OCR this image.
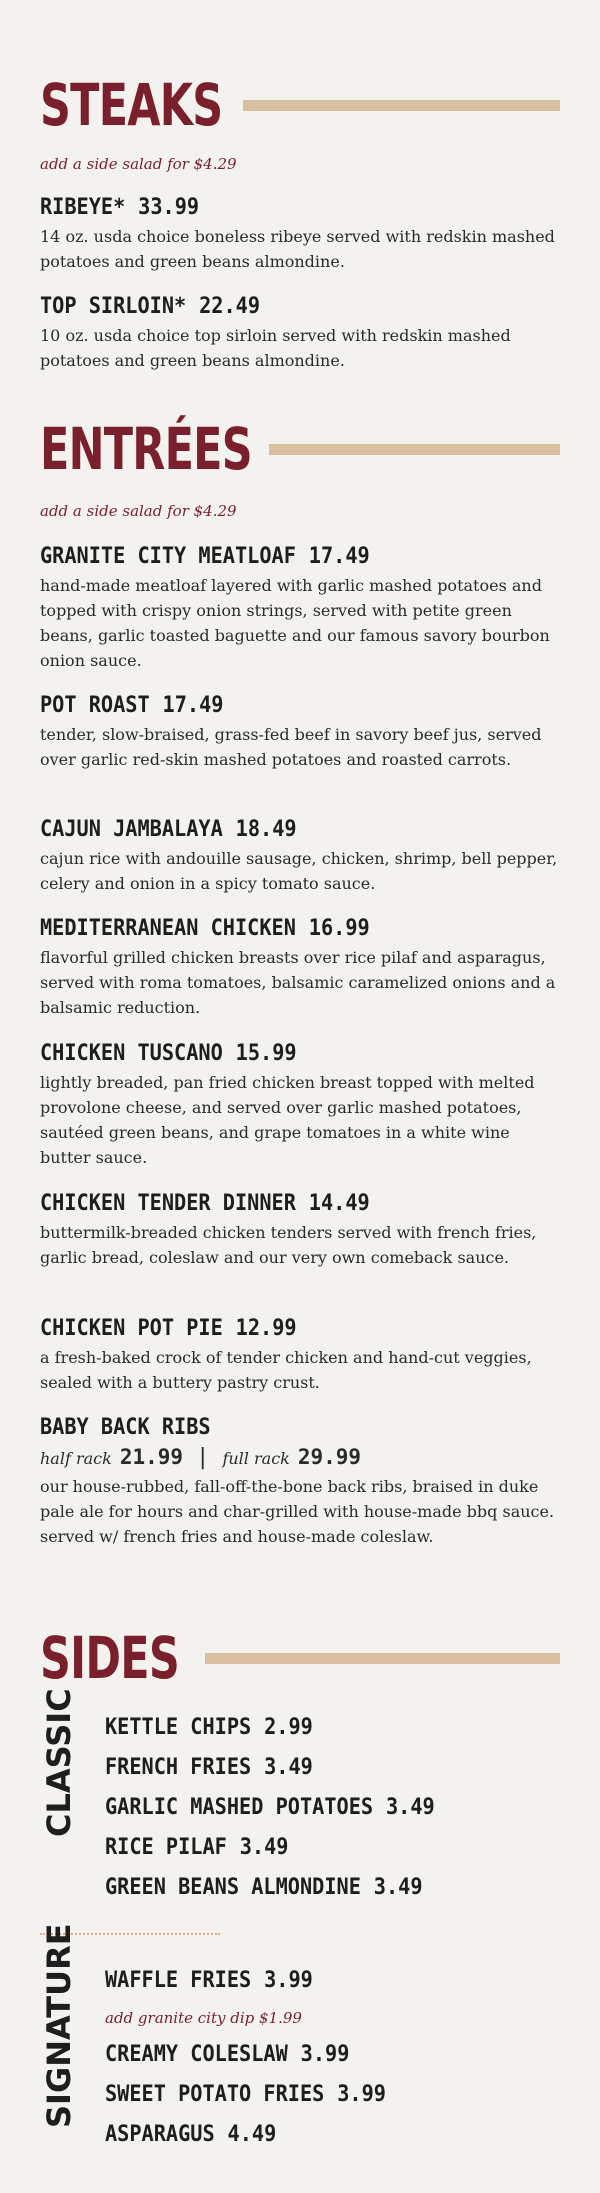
STEAKS
add a side salad for $4.29
RIBEYE* 33.99
14 oz. usda choice boneless ribeye served with redskin mashed potatoes and green beans almondine.
TOP SIRLOIN* 22.49
10 oz. usda choice top sirloin served with redskin mashed potatoes and green beans almondine.
ENTRÉES
add a side salad for $4.29
GRANITE CITY MEATLOAF 17.49
hand-made meatloaf layered with garlic mashed potatoes and topped with crispy onion strings, served with petite green beans, garlic toasted baguette and our famous savory bourbon onion sauce.
POT ROAST 17.49
tender, slow-braised, grass-fed beef in savory beef jus, served over garlic red-skin mashed potatoes and roasted carrots.
CAJUN JAMBALAYA 18.49
cajun rice with andouille sausage, chicken, shrimp, bell pepper, celery and onion in a spicy tomato sauce.
MEDITERRANEAN CHICKEN 16.99
flavorful grilled chicken breasts over rice pilaf and asparagus, served with roma tomatoes, balsamic caramelized onions and a balsamic reduction.
CHICKEN TUSCANO 15.99
lightly breaded, pan fried chicken breast topped with melted provolone cheese, and served over garlic mashed potatoes, sautéed green beans, and grape tomatoes in a white wine butter sauce.
CHICKEN TENDER DINNER 14.49
buttermilk-breaded chicken tenders served with french fries, garlic bread, coleslaw and our very own comeback sauce.
CHICKEN POT PIE 12.99
a fresh-baked crock of tender chicken and hand-cut veggies, sealed with a buttery pastry crust.
BABY BACK RIBS
half rack 21.99 | full rack 29.99
our house-rubbed, fall-off-the-bone back ribs, braised in duke pale ale for hours and char-grilled with house-made bbq sauce. served w/ french fries and house-made coleslaw.
SIDES
CLASSIC KETTLE CHIPS 2.99
FRENCH FRIES 3.49
GARLIC MASHED POTATOES 3.49
RICE PILAF 3.49
GREEN BEANS ALMONDINE 3.49
SIGNATURE WAFFLE FRIES 3.99
add granite city dip $1.99
CREAMY COLESLAW 3.99
SWEET POTATO FRIES 3.99
ASPARAGUS 4.49
